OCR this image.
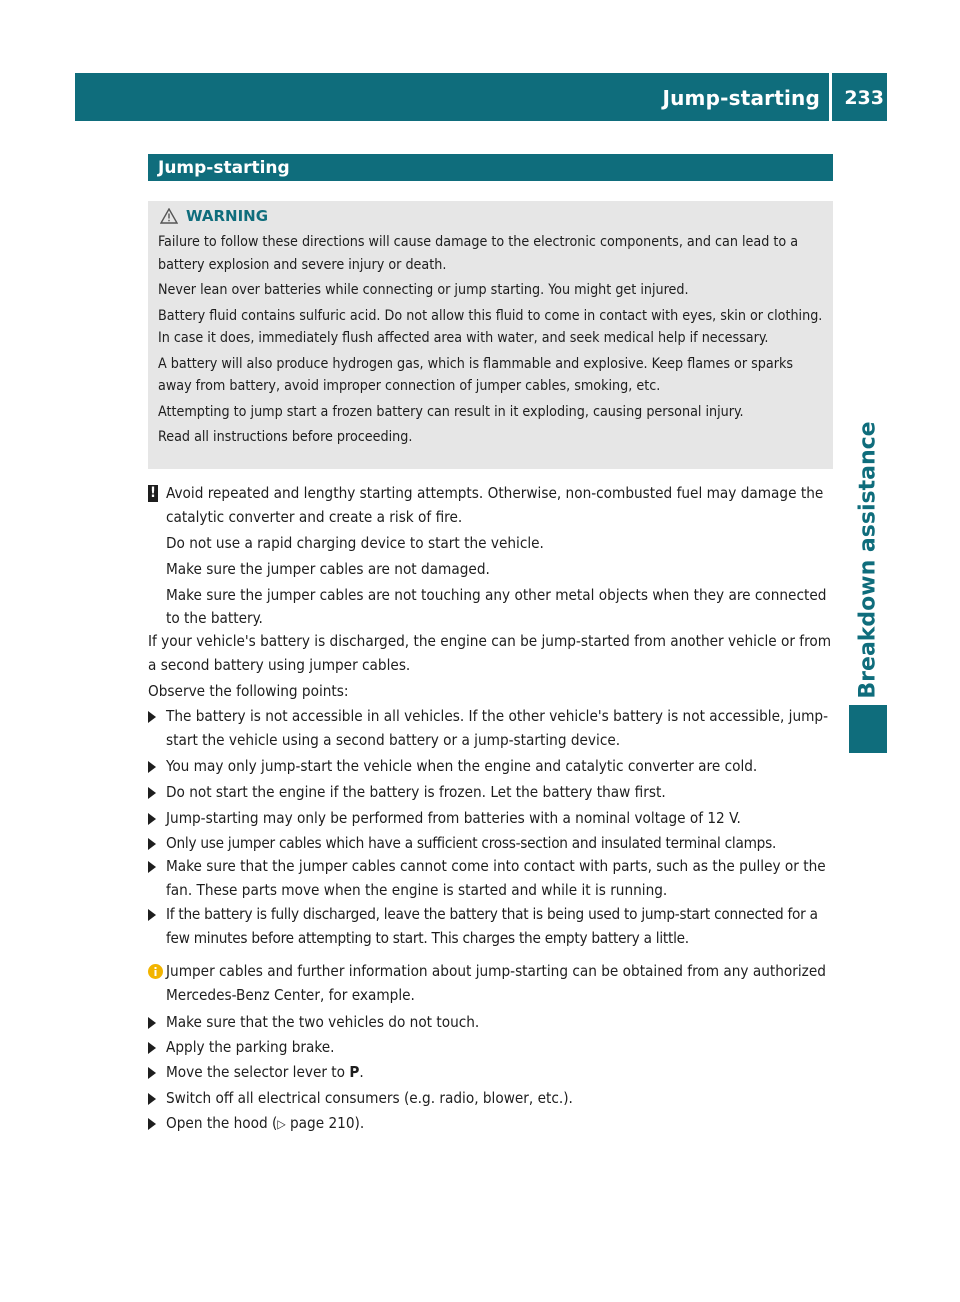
Jump-starting 233
Breakdown assistance
Jump-starting
WARNING

Failure to follow these directions will cause damage to the electronic components, and can lead to a battery explosion and severe injury or death.

Never lean over batteries while connecting or jump starting. You might get injured.

Battery fluid contains sulfuric acid. Do not allow this fluid to come in contact with eyes, skin or clothing. In case it does, immediately flush affected area with water, and seek medical help if necessary.

A battery will also produce hydrogen gas, which is flammable and explosive. Keep flames or sparks away from battery, avoid improper connection of jumper cables, smoking, etc.

Attempting to jump start a frozen battery can result in it exploding, causing personal injury.

Read all instructions before proceeding.

! Avoid repeated and lengthy starting attempts. Otherwise, non-combusted fuel may damage the catalytic converter and create a risk of fire.

Do not use a rapid charging device to start the vehicle.

Make sure the jumper cables are not damaged.

Make sure the jumper cables are not touching any other metal objects when they are connected to the battery.

If your vehicle's battery is discharged, the engine can be jump-started from another vehicle or from a second battery using jumper cables.

Observe the following points:

The battery is not accessible in all vehicles. If the other vehicle's battery is not accessible, jump-start the vehicle using a second battery or a jump-starting device.
You may only jump-start the vehicle when the engine and catalytic converter are cold.
Do not start the engine if the battery is frozen. Let the battery thaw first.
Jump-starting may only be performed from batteries with a nominal voltage of 12 V.
Only use jumper cables which have a sufficient cross-section and insulated terminal clamps.
Make sure that the jumper cables cannot come into contact with parts, such as the pulley or the fan. These parts move when the engine is started and while it is running.
If the battery is fully discharged, leave the battery that is being used to jump-start connected for a few minutes before attempting to start. This charges the empty battery a little.

Jumper cables and further information about jump-starting can be obtained from any authorized Mercedes-Benz Center, for example.

Make sure that the two vehicles do not touch.
Apply the parking brake.
Move the selector lever to P.
Switch off all electrical consumers (e.g. radio, blower, etc.).
Open the hood (▷ page 210).
